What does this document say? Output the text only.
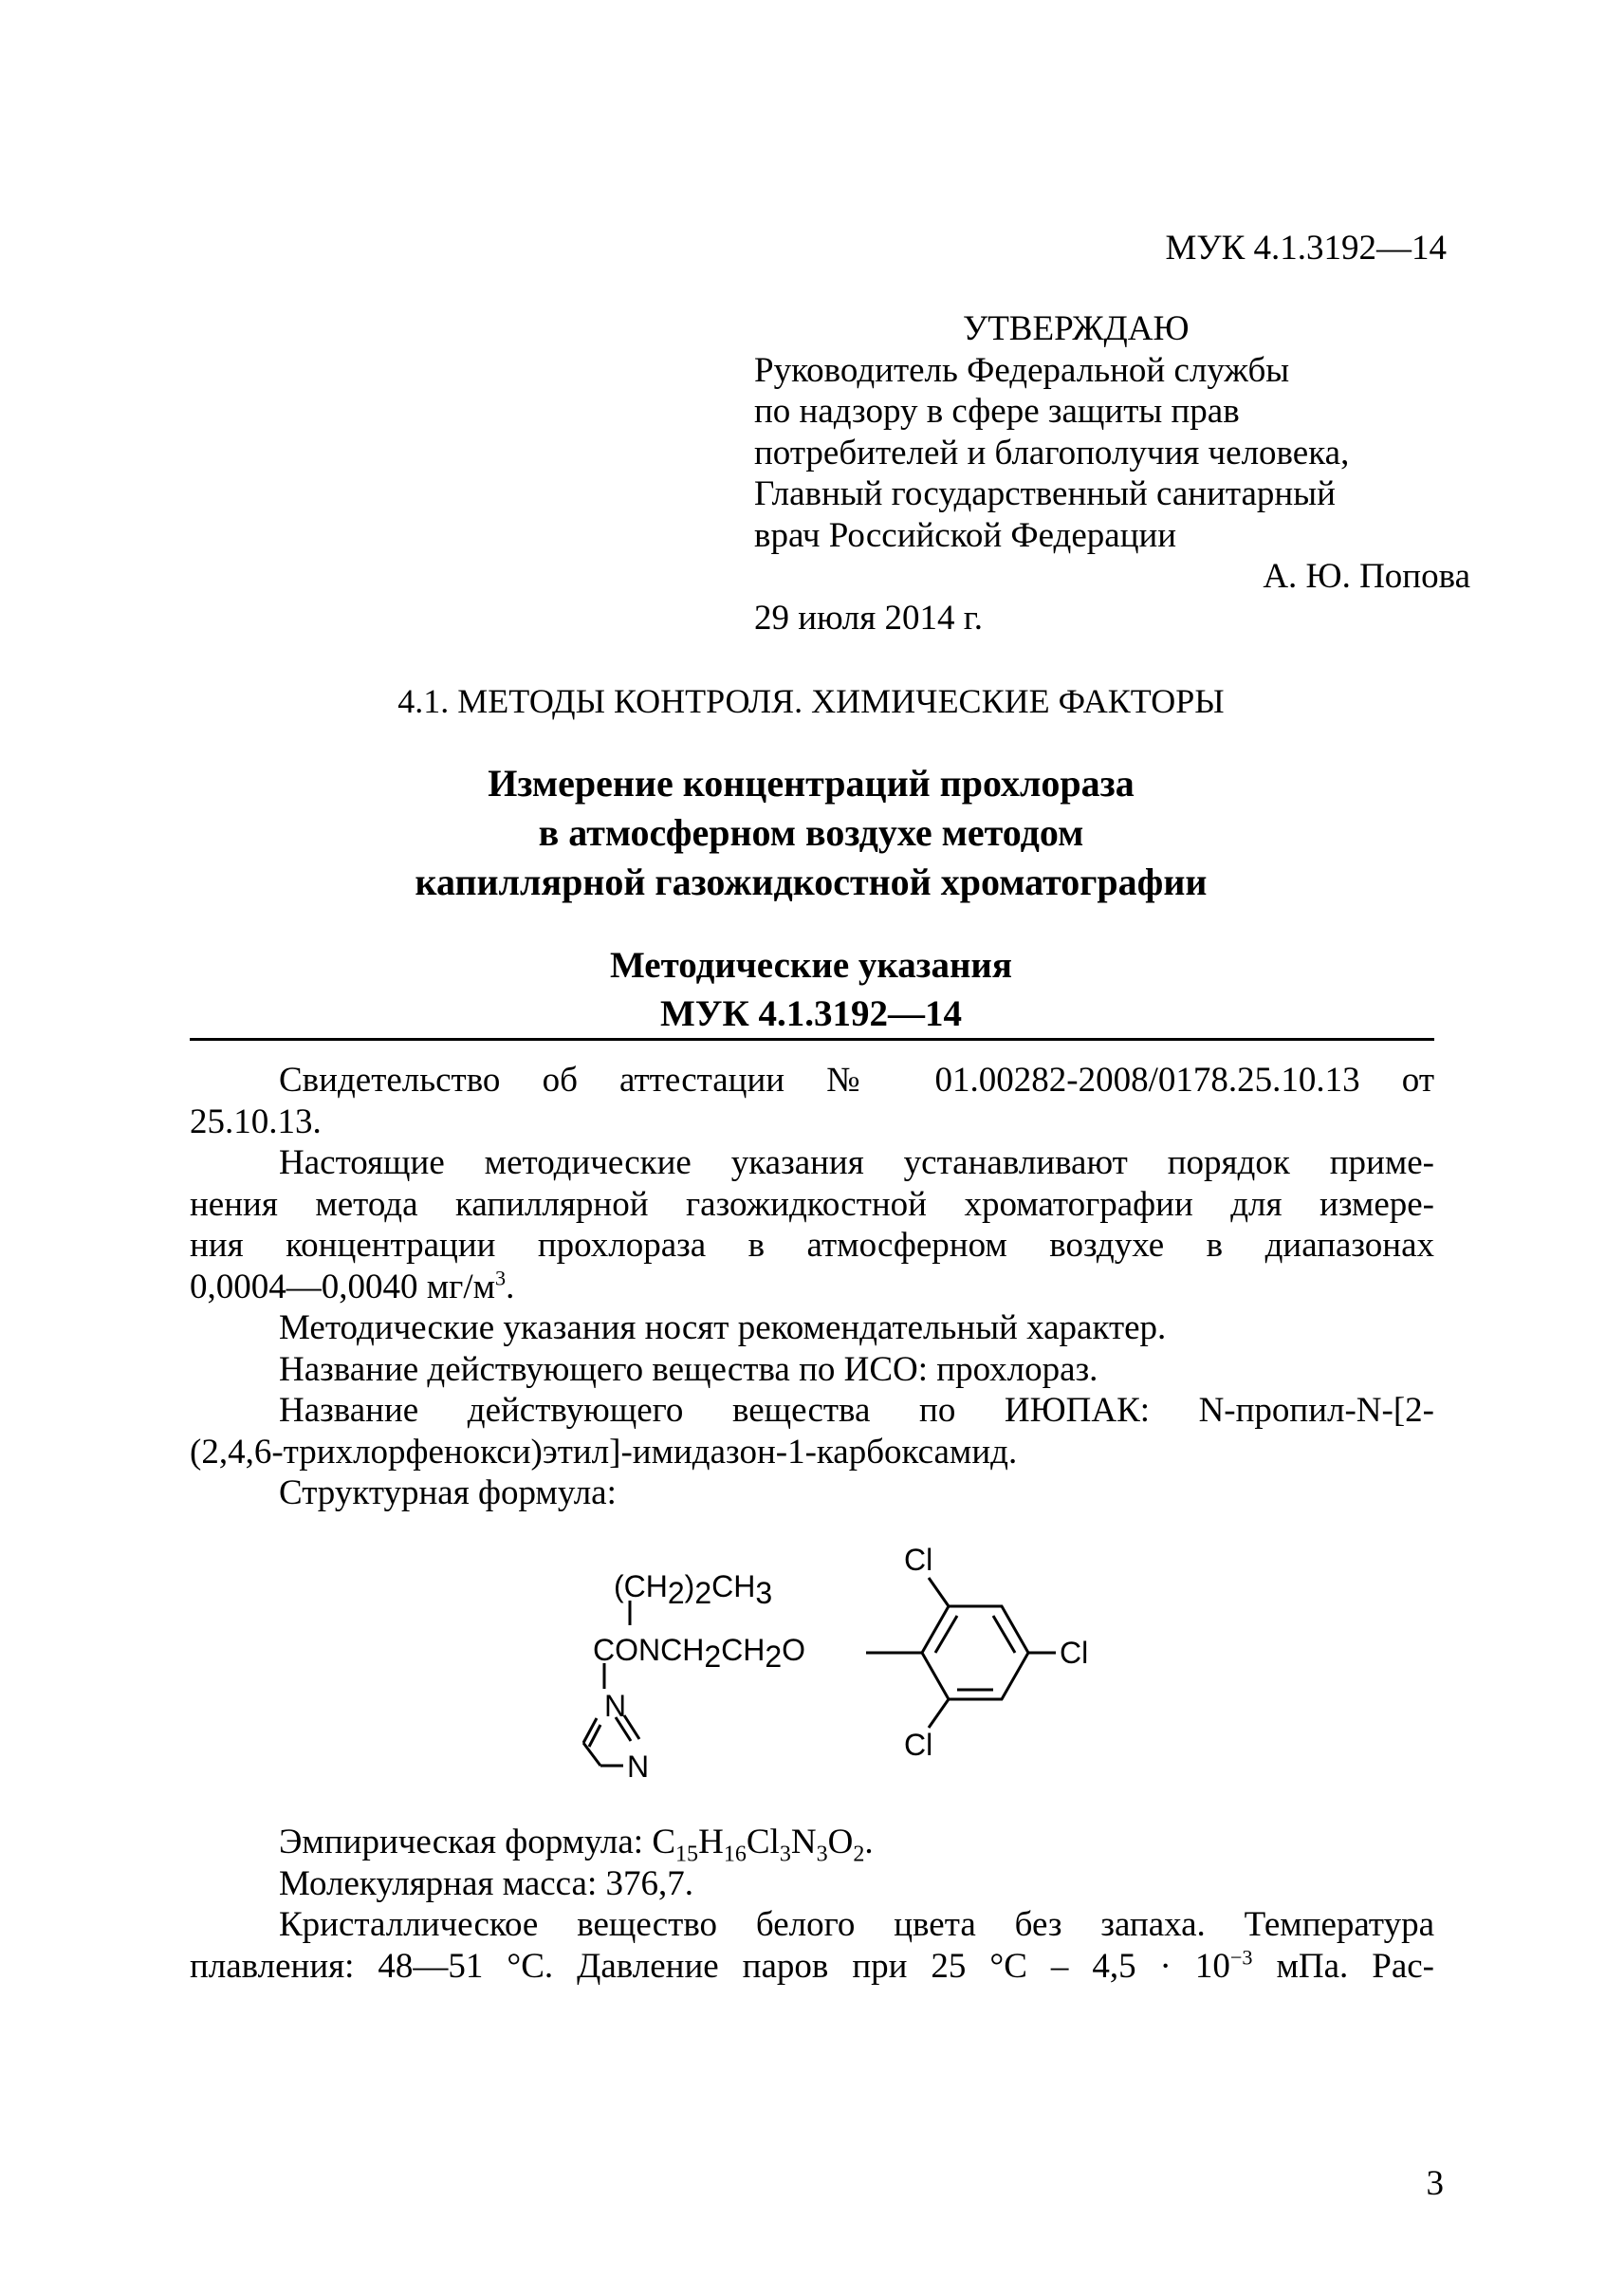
МУК 4.1.3192—14
УТВЕРЖДАЮ
Руководитель Федеральной службы
по надзору в сфере защиты прав
потребителей и благополучия человека,
Главный государственный санитарный
врач Российской Федерации
А. Ю. Попова
29 июля 2014 г.
4.1. МЕТОДЫ КОНТРОЛЯ. ХИМИЧЕСКИЕ ФАКТОРЫ
Измерение концентраций прохлораза
в атмосферном воздухе методом
капиллярной газожидкостной хроматографии
Методические указания
МУК 4.1.3192—14

Свидетельство об аттестации № 01.00282-2008/0178.25.10.13 от

25.10.13.

Настоящие методические указания устанавливают порядок приме-

нения метода капиллярной газожидкостной хроматографии для измере-

ния концентрации прохлораза в атмосферном воздухе в диапазонах

0,0004—0,0040 $мг/м^3$.

Методические указания носят рекомендательный характер.

Название действующего вещества по ИСО: прохлораз.

Название действующего вещества по ИЮПАК: N-пропил-N-[2-

(2,4,6-трихлорфенокси)этил]-имидазон-1-карбоксамид.

Структурная формула:

(CH2)2CH3
CONCH2CH2O
Cl
Cl
Cl
N
N

Эмпирическая формула: $C_{15}H_{16}Cl_3N_3O_2$.

Молекулярная масса: 376,7.

Кристаллическое вещество белого цвета без запаха. Температура

плавления: 48—51 °С. Давление паров при 25 $^\circ С - 4,5 \cdot 10^{-3}$ мПа. Рас-

3
